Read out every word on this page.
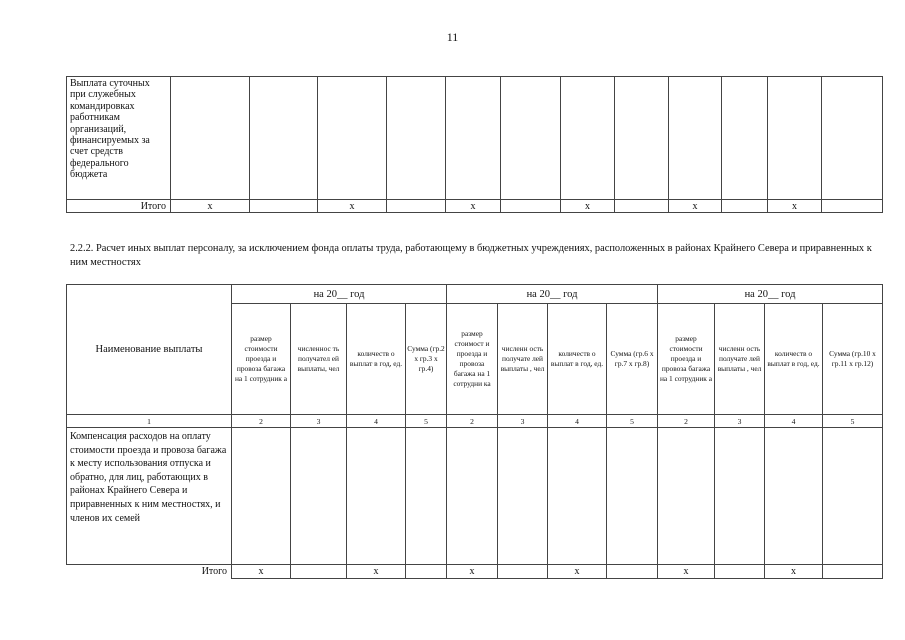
11
Выплата суточных при служебных командировках работникам организаций, финансируемых за счет средств федерального бюджета												
Итого	x		x		x		x		x		x	
2.2.2. Расчет иных выплат персоналу, за исключением фонда оплаты труда, работающему в бюджетных учреждениях, расположенных в районах Крайнего Севера и приравненных к ним местностях
Наименование выплаты	на 20__ год				на 20__ год				на 20__ год			
	размер стоимости проезда и провоза багажа на 1 сотрудник а	численнос ть получател ей выплаты, чел	количеств о выплат в год, ед.	Сумма (гр.2 х гр.3 х гр.4)	размер стоимост и проезда и провоза багажа на 1 сотрудни ка	численн ость получате лей выплаты , чел	количеств о выплат в год, ед.	Сумма (гр.6 х гр.7 х гр.8)	размер стоимости проезда и провоза багажа на 1 сотрудник а	численн ость получате лей выплаты , чел	количеств о выплат в год, ед.	Сумма (гр.10 х гр.11 х гр.12)
1	2	3	4	5	2	3	4	5	2	3	4	5
Компенсация расходов на оплату стоимости проезда и провоза багажа к месту использования отпуска и обратно, для лиц, работающих в районах Крайнего Севера и приравненных к ним местностях, и членов их семей												
Итого	x		x		x		x		x		x	
